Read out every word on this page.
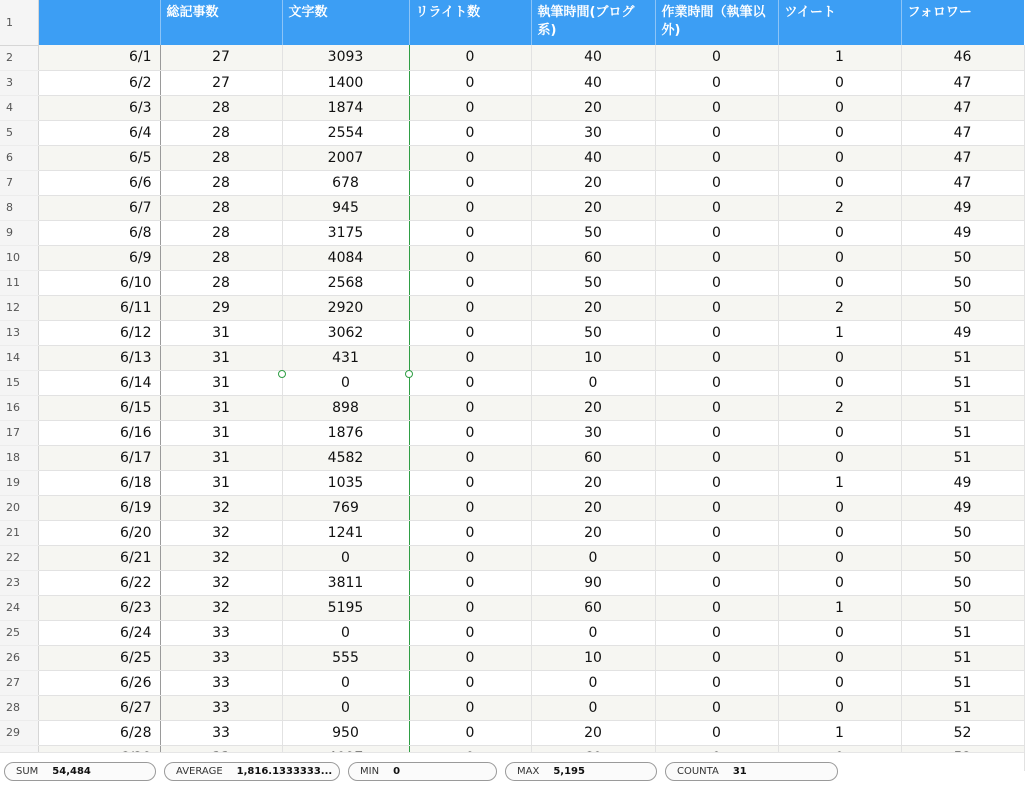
1		総記事数	文字数	リライト数	執筆時間(ブログ系)	作業時間（執筆以外)	ツイート	フォロワー
2	6/1	27	3093	0	40	0	1	46
3	6/2	27	1400	0	40	0	0	47
4	6/3	28	1874	0	20	0	0	47
5	6/4	28	2554	0	30	0	0	47
6	6/5	28	2007	0	40	0	0	47
7	6/6	28	678	0	20	0	0	47
8	6/7	28	945	0	20	0	2	49
9	6/8	28	3175	0	50	0	0	49
10	6/9	28	4084	0	60	0	0	50
11	6/10	28	2568	0	50	0	0	50
12	6/11	29	2920	0	20	0	2	50
13	6/12	31	3062	0	50	0	1	49
14	6/13	31	431	0	10	0	0	51
15	6/14	31	0	0	0	0	0	51
16	6/15	31	898	0	20	0	2	51
17	6/16	31	1876	0	30	0	0	51
18	6/17	31	4582	0	60	0	0	51
19	6/18	31	1035	0	20	0	1	49
20	6/19	32	769	0	20	0	0	49
21	6/20	32	1241	0	20	0	0	50
22	6/21	32	0	0	0	0	0	50
23	6/22	32	3811	0	90	0	0	50
24	6/23	32	5195	0	60	0	1	50
25	6/24	33	0	0	0	0	0	51
26	6/25	33	555	0	10	0	0	51
27	6/26	33	0	0	0	0	0	51
28	6/27	33	0	0	0	0	0	51
29	6/28	33	950	0	20	0	1	52

SUM 54,484	AVERAGE 1,816.1333333...	MIN 0	MAX 5,195	COUNTA 31
